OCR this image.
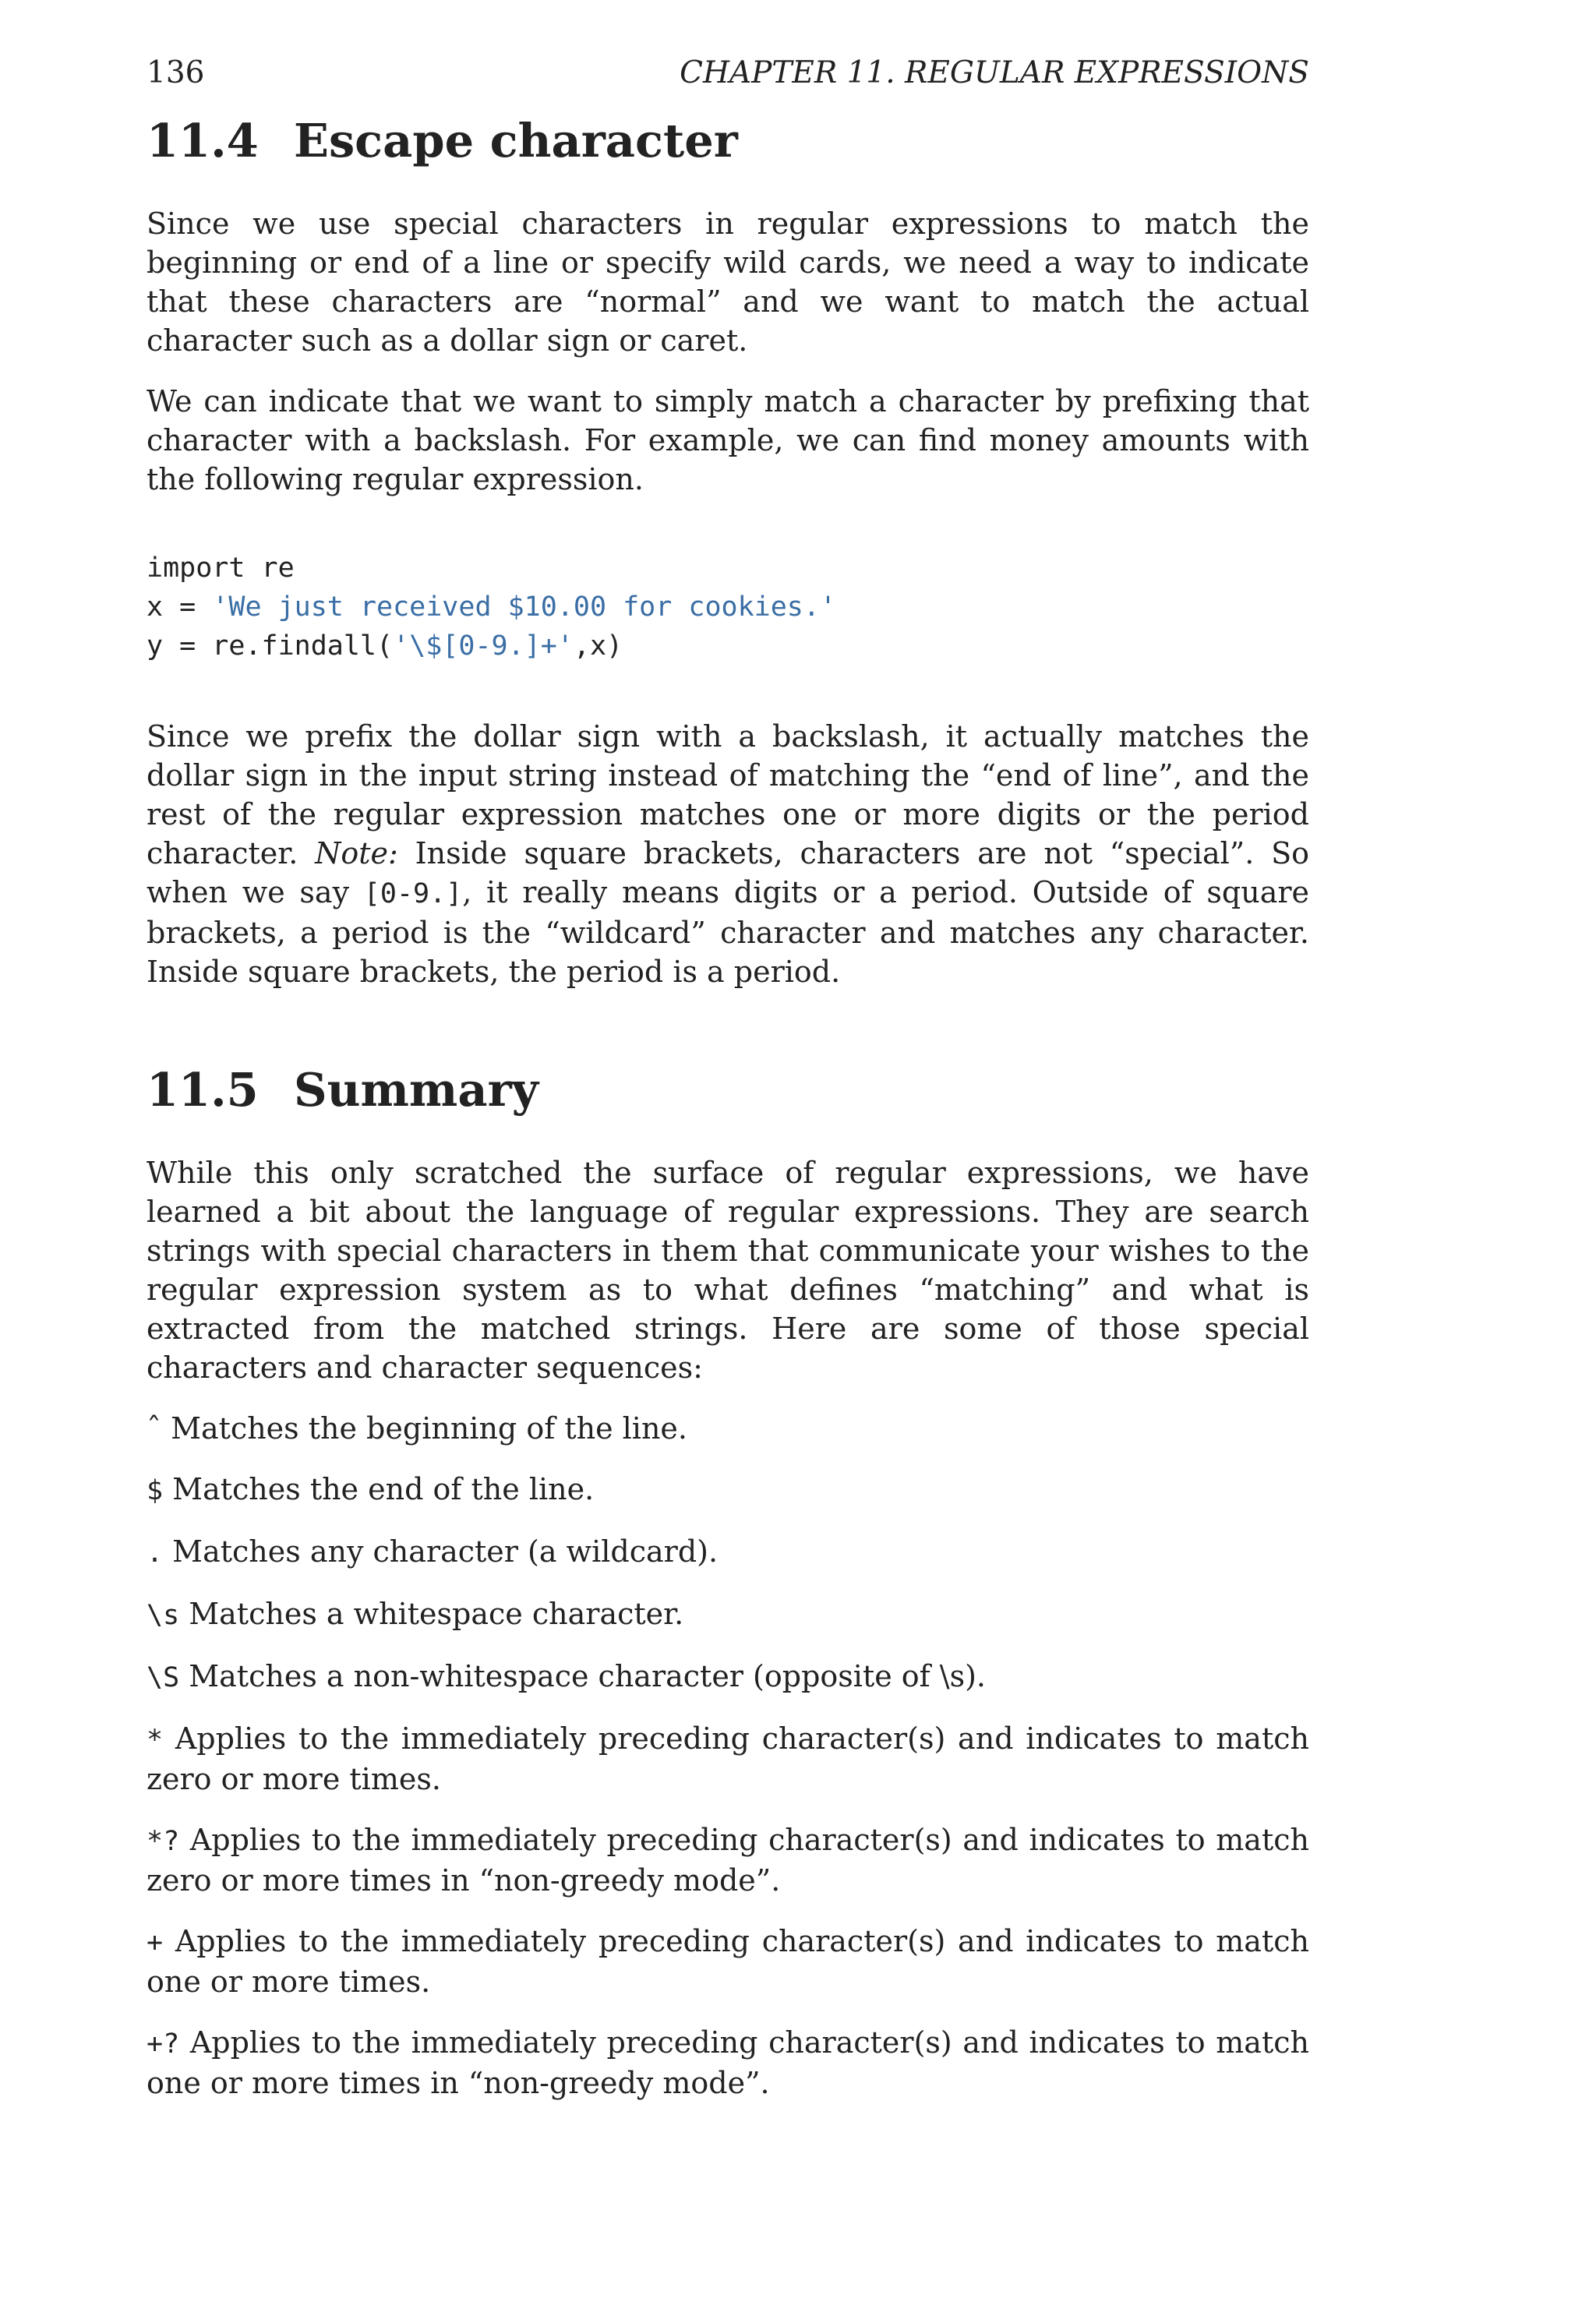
136	CHAPTER 11. REGULAR EXPRESSIONS
11.4 Escape character

Since we use special characters in regular expressions to match the beginning or end of a line or specify wild cards, we need a way to indicate that these characters are “normal” and we want to match the actual character such as a dollar sign or caret.

We can indicate that we want to simply match a character by prefixing that character with a backslash. For example, we can find money amounts with the following regular expression.

import re
x = 'We just received $10.00 for cookies.'
y = re.findall('\$[0-9.]+',x)

Since we prefix the dollar sign with a backslash, it actually matches the dollar sign in the input string instead of matching the “end of line”, and the rest of the regular expression matches one or more digits or the period character. Note: Inside square brackets, characters are not “special”. So when we say [0-9.], it really means digits or a period. Outside of square brackets, a period is the “wildcard” character and matches any character. Inside square brackets, the period is a period.

11.5 Summary

While this only scratched the surface of regular expressions, we have learned a bit about the language of regular expressions. They are search strings with special characters in them that communicate your wishes to the regular expression system as to what defines “matching” and what is extracted from the matched strings. Here are some of those special characters and character sequences:

ˆ Matches the beginning of the line.

$ Matches the end of the line.

. Matches any character (a wildcard).

\s Matches a whitespace character.

\S Matches a non-whitespace character (opposite of \s).

* Applies to the immediately preceding character(s) and indicates to match zero or more times.

*? Applies to the immediately preceding character(s) and indicates to match zero or more times in “non-greedy mode”.

+ Applies to the immediately preceding character(s) and indicates to match one or more times.

+? Applies to the immediately preceding character(s) and indicates to match one or more times in “non-greedy mode”.
